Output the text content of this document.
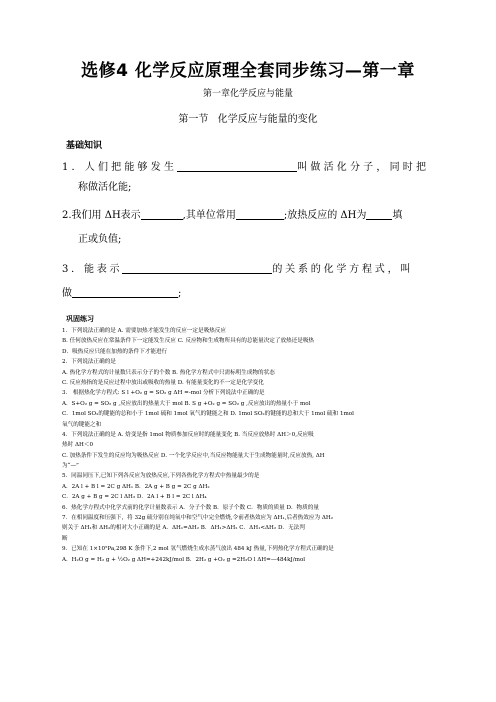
选修4 化学反应原理全套同步练习—第一章
第一章化学反应与能量
第一节 化学反应与能量的变化
基础知识
1．人们把能够发生	叫做活化分子，同时把
称做活化能;
2.我们用 ΔH表示	,其单位常用	;放热反应的 ΔH为	填
正或负值;
3．能表示	的关系的化学方程式，叫
做	;
巩固练习
1．下列说法正确的是 A. 需要加热才能发生的反应一定是吸热反应
B. 任何放热反应在常温条件下一定能发生反应 C. 反应物和生成物所具有的总能量决定了放热还是吸热
D．吸热反应只能在加热的条件下才能进行
2．下列说法正确的是
A. 热化学方程式的计量数只表示分子的个数 B. 热化学方程式中只需标明生成物的状态
C. 反应热指的是反应过程中放出或吸收的热量 D. 有能量变化的不一定是化学变化
3． 根据热化学方程式: S l +O₂ g = SO₂ g ΔH =-mol 分析下列说法中正确的是
A．S+O₂ g = SO₂ g ,反应放出的热量大于 mol B. S g +O₂ g = SO₂ g ,反应放出的热量小于 mol
C．1mol SO₂的键能的总和小于 1mol 硫和 1mol 氧气的键能之和 D. 1mol SO₂的键能的总和大于 1mol 硫和 1mol
氧气的键能之和
4．下列说法正确的是 A. 焓变是指 1mol 物质参加反应时的能量变化 B. 当反应放热时 ΔH＞0,反应吸
热时 ΔH＜0
C. 加热条件下发生的反应均为吸热反应 D. 一个化学反应中,当反应物能量大于生成物能量时,反应放热, ΔH
为“—”
5．同温同压下,已知下列各反应为放热反应,下列各热化学方程式中热量最少的是
A．2A l + B l = 2C g ΔH₁ B．2A g + B g = 2C g ΔH₂
C．2A g + B g = 2C l ΔH₃ D．2A l + B l = 2C l ΔH₄
6．热化学方程式中化学式前的化学计量数表示 A．分子个数 B．原子个数 C．物质的质量 D．物质的量
7．在相同温度和压强下，将 32g 硫分别在纯氧中和空气中完全燃烧,令前者热效应为 ΔH₁,后者热效应为 ΔH₂
则关于 ΔH₁和 ΔH₂的相对大小正确的是 A．ΔH₁=ΔH₂ B．ΔH₁>ΔH₂ C．ΔH₁<ΔH₂ D．无法判
断
9．已知在 1×10⁵Pa,298 K 条件下,2 mol 氢气燃烧生成水蒸气放出 484 kJ 热量,下列热化学方程式正确的是
A．H₂O g = H₂ g + ½O₂ g ΔH=+242kJ/mol B．2H₂ g +O₂ g =2H₂O l ΔH=—484kJ/mol
